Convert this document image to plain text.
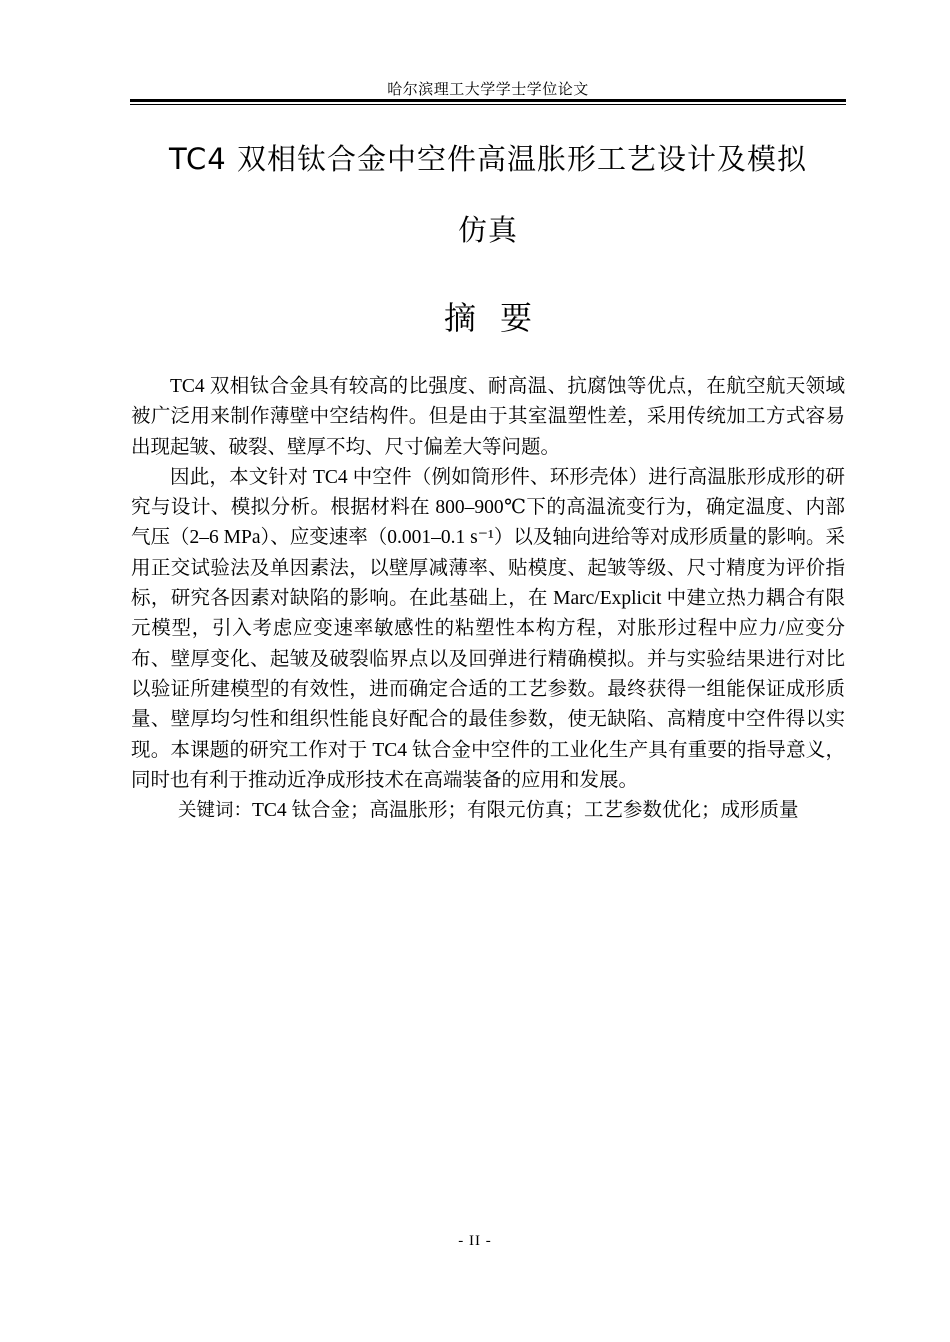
哈尔滨理工大学学士学位论文
TC4 双相钛合金中空件高温胀形工艺设计及模拟
仿真
摘要

TC4 双相钛合金具有较高的比强度、耐高温、抗腐蚀等优点，在航空航天领域被广泛用来制作薄壁中空结构件。但是由于其室温塑性差，采用传统加工方式容易出现起皱、破裂、壁厚不均、尺寸偏差大等问题。

因此，本文针对 TC4 中空件（例如筒形件、环形壳体）进行高温胀形成形的研究与设计、模拟分析。根据材料在 800–900℃下的高温流变行为，确定温度、内部气压（2–6 MPa）、应变速率（0.001–0.1 s⁻¹）以及轴向进给等对成形质量的影响。采用正交试验法及单因素法，以壁厚减薄率、贴模度、起皱等级、尺寸精度为评价指标，研究各因素对缺陷的影响。在此基础上，在 Marc/Explicit 中建立热力耦合有限元模型，引入考虑应变速率敏感性的粘塑性本构方程，对胀形过程中应力/应变分布、壁厚变化、起皱及破裂临界点以及回弹进行精确模拟。并与实验结果进行对比以验证所建模型的有效性，进而确定合适的工艺参数。最终获得一组能保证成形质量、壁厚均匀性和组织性能良好配合的最佳参数，使无缺陷、高精度中空件得以实现。本课题的研究工作对于 TC4 钛合金中空件的工业化生产具有重要的指导意义，同时也有利于推动近净成形技术在高端装备的应用和发展。

关键词：TC4 钛合金；高温胀形；有限元仿真；工艺参数优化；成形质量

- II -
